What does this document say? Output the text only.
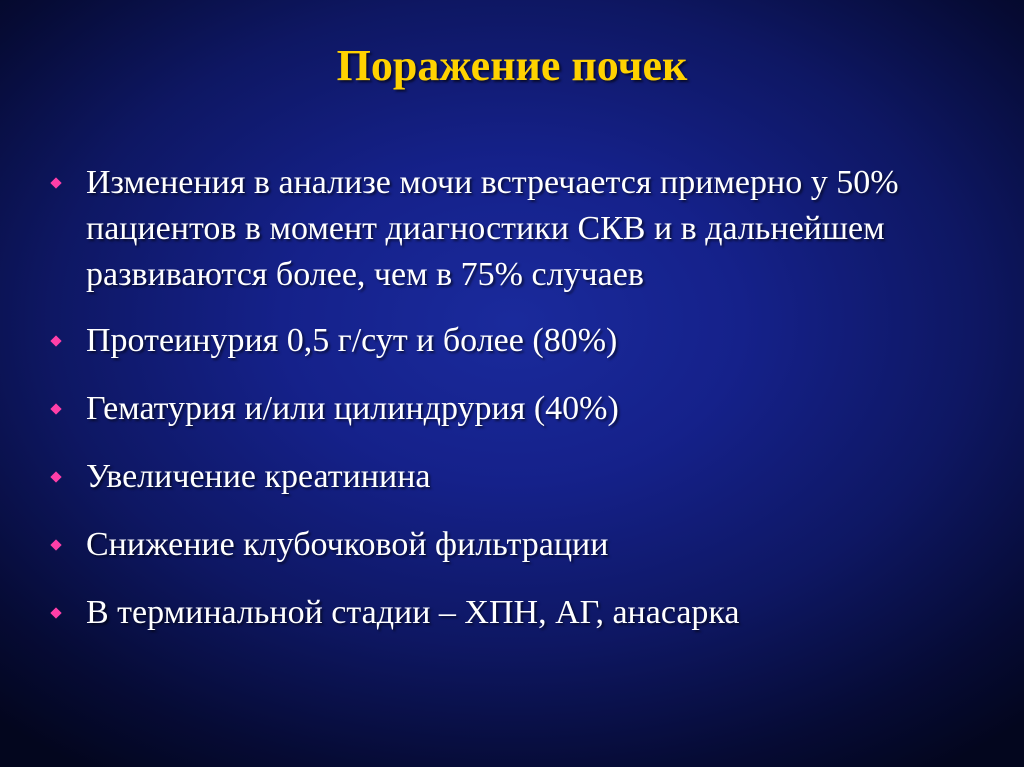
Поражение почек
Изменения в анализе мочи встречается примерно у 50% пациентов в момент диагностики СКВ и в дальнейшем развиваются более, чем в 75% случаев
Протеинурия 0,5 г/сут и более (80%)
Гематурия и/или цилиндрурия (40%)
Увеличение креатинина
Снижение клубочковой фильтрации
В терминальной стадии – ХПН, АГ, анасарка
